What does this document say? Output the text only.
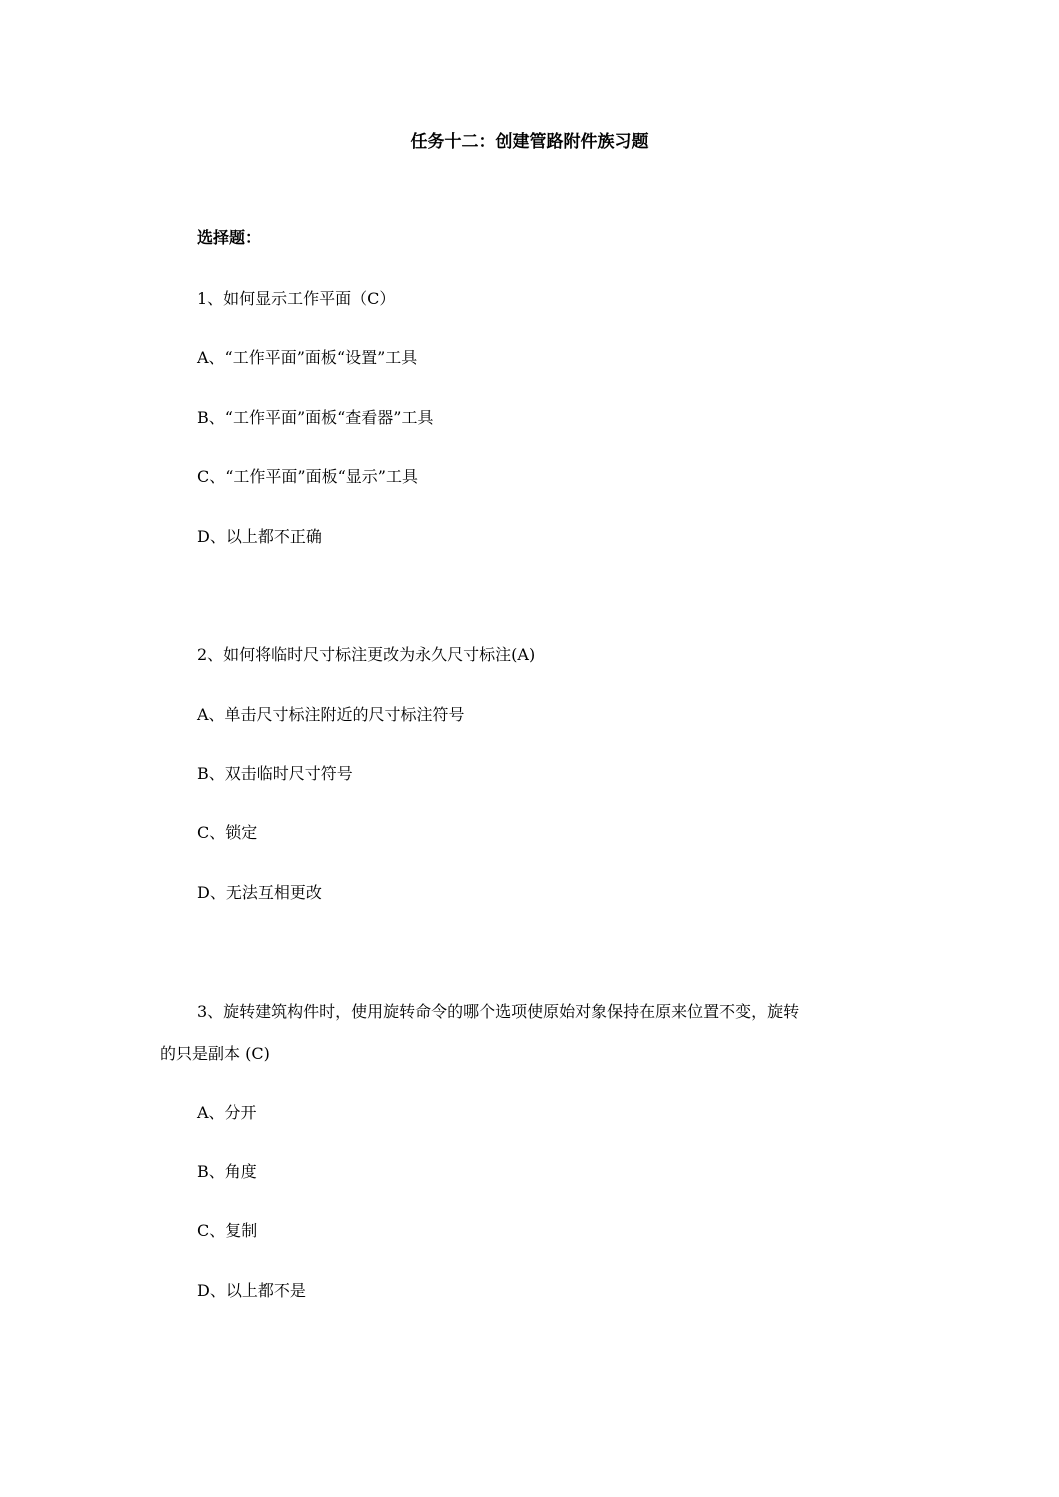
任务十二：创建管路附件族习题
选择题：
1、如何显示工作平面（C）
A、“工作平面”面板“设置”工具
B、“工作平面”面板“查看器”工具
C、“工作平面”面板“显示”工具
D、以上都不正确
2、如何将临时尺寸标注更改为永久尺寸标注(A)
A、单击尺寸标注附近的尺寸标注符号
B、双击临时尺寸符号
C、锁定
D、无法互相更改
3、旋转建筑构件时，使用旋转命令的哪个选项使原始对象保持在原来位置不变，旋转
的只是副本 (C)
A、分开
B、角度
C、复制
D、以上都不是
